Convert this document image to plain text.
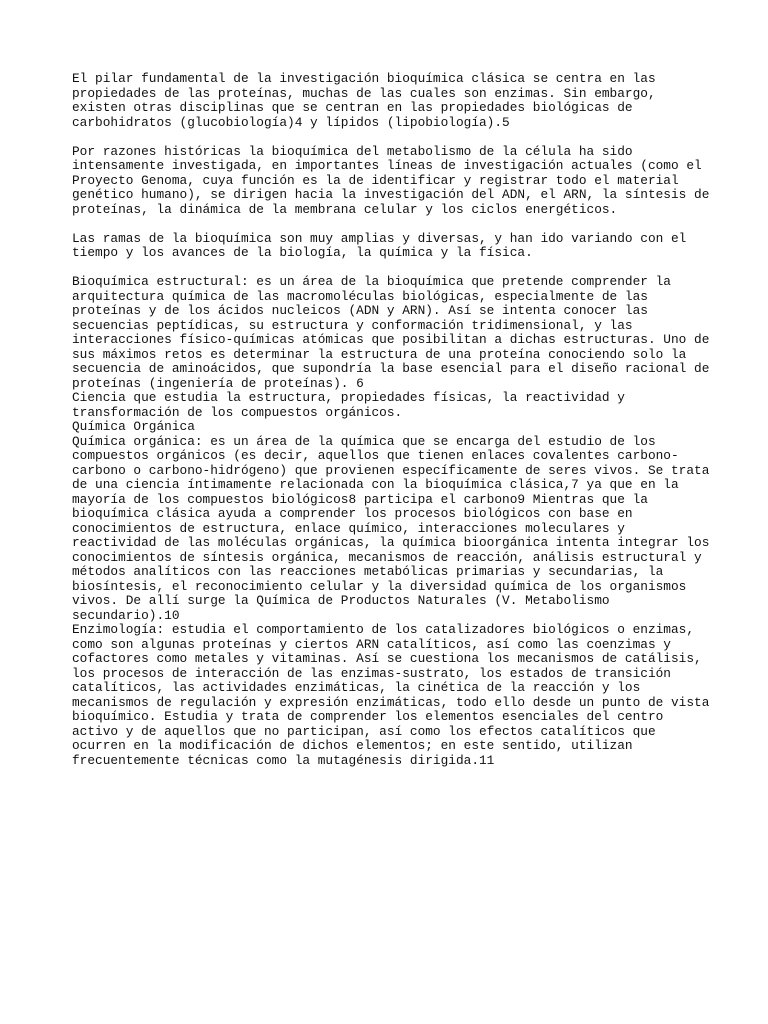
El pilar fundamental de la investigación bioquímica clásica se centra en las
propiedades de las proteínas, muchas de las cuales son enzimas. Sin embargo,
existen otras disciplinas que se centran en las propiedades biológicas de
carbohidratos (glucobiología)4 y lípidos (lipobiología).5

Por razones históricas la bioquímica del metabolismo de la célula ha sido
intensamente investigada, en importantes líneas de investigación actuales (como el
Proyecto Genoma, cuya función es la de identificar y registrar todo el material
genético humano), se dirigen hacia la investigación del ADN, el ARN, la síntesis de
proteínas, la dinámica de la membrana celular y los ciclos energéticos.

Las ramas de la bioquímica son muy amplias y diversas, y han ido variando con el
tiempo y los avances de la biología, la química y la física.

Bioquímica estructural: es un área de la bioquímica que pretende comprender la
arquitectura química de las macromoléculas biológicas, especialmente de las
proteínas y de los ácidos nucleicos (ADN y ARN). Así se intenta conocer las
secuencias peptídicas, su estructura y conformación tridimensional, y las
interacciones físico-químicas atómicas que posibilitan a dichas estructuras. Uno de
sus máximos retos es determinar la estructura de una proteína conociendo solo la
secuencia de aminoácidos, que supondría la base esencial para el diseño racional de
proteínas (ingeniería de proteínas). 6
Ciencia que estudia la estructura, propiedades físicas, la reactividad y
transformación de los compuestos orgánicos.
Química Orgánica
Química orgánica: es un área de la química que se encarga del estudio de los
compuestos orgánicos (es decir, aquellos que tienen enlaces covalentes carbono-
carbono o carbono-hidrógeno) que provienen específicamente de seres vivos. Se trata
de una ciencia íntimamente relacionada con la bioquímica clásica,7 ya que en la
mayoría de los compuestos biológicos8 participa el carbono9 Mientras que la
bioquímica clásica ayuda a comprender los procesos biológicos con base en
conocimientos de estructura, enlace químico, interacciones moleculares y
reactividad de las moléculas orgánicas, la química bioorgánica intenta integrar los
conocimientos de síntesis orgánica, mecanismos de reacción, análisis estructural y
métodos analíticos con las reacciones metabólicas primarias y secundarias, la
biosíntesis, el reconocimiento celular y la diversidad química de los organismos
vivos. De allí surge la Química de Productos Naturales (V. Metabolismo
secundario).10
Enzimología: estudia el comportamiento de los catalizadores biológicos o enzimas,
como son algunas proteínas y ciertos ARN catalíticos, así como las coenzimas y
cofactores como metales y vitaminas. Así se cuestiona los mecanismos de catálisis,
los procesos de interacción de las enzimas-sustrato, los estados de transición
catalíticos, las actividades enzimáticas, la cinética de la reacción y los
mecanismos de regulación y expresión enzimáticas, todo ello desde un punto de vista
bioquímico. Estudia y trata de comprender los elementos esenciales del centro
activo y de aquellos que no participan, así como los efectos catalíticos que
ocurren en la modificación de dichos elementos; en este sentido, utilizan
frecuentemente técnicas como la mutagénesis dirigida.11
